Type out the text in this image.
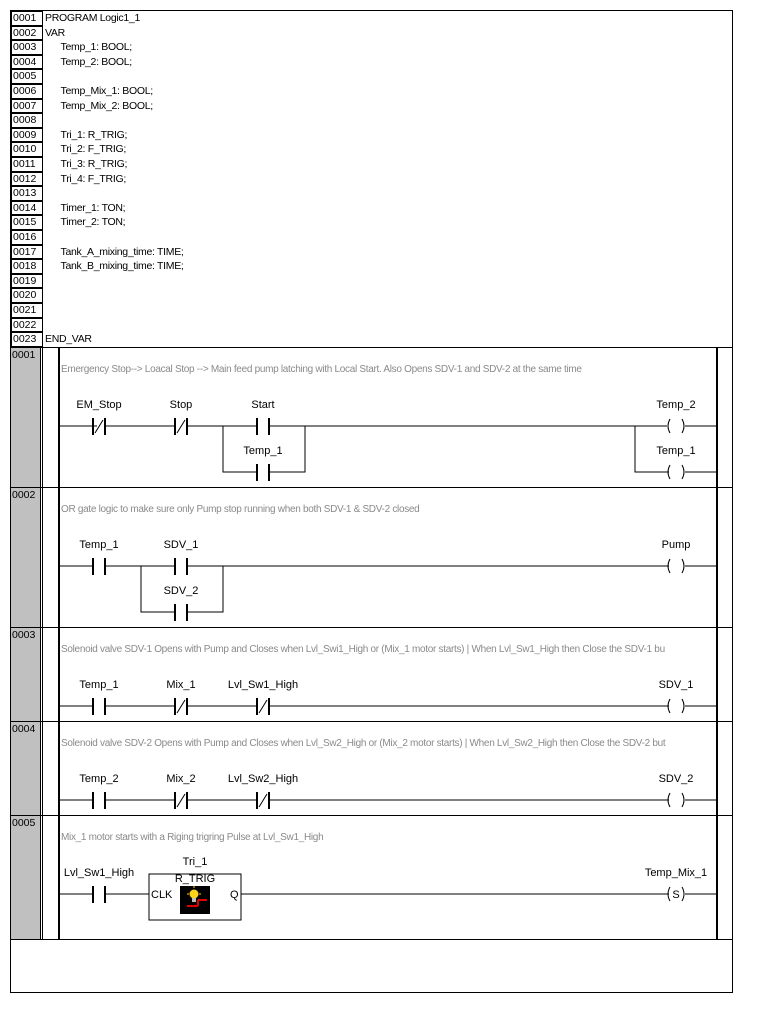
0001 PROGRAM Logic1_1
0002 VAR
0003 Temp_1: BOOL;
0004 Temp_2: BOOL;
0005
0006 Temp_Mix_1: BOOL;
0007 Temp_Mix_2: BOOL;
0008
0009 Tri_1: R_TRIG;
0010 Tri_2: F_TRIG;
0011 Tri_3: R_TRIG;
0012 Tri_4: F_TRIG;
0013
0014 Timer_1: TON;
0015 Timer_2: TON;
0016
0017 Tank_A_mixing_time: TIME;
0018 Tank_B_mixing_time: TIME;
0019
0020
0021
0022
0023 END_VAR
0001
Emergency Stop--> Loacal Stop --> Main feed pump latching with Local Start. Also Opens SDV-1 and SDV-2 at the same time
EM_Stop	Stop	Start
Temp_1
Temp_2
Temp_1
0002
OR gate logic to make sure only Pump stop running when both SDV-1 & SDV-2 closed
Temp_1	SDV_1
SDV_2
Pump
0003
Solenoid valve SDV-1 Opens with Pump and Closes when Lvl_Swi1_High or (Mix_1 motor starts) | When Lvl_Sw1_High then Close the SDV-1 bu
Temp_1	Mix_1	Lvl_Sw1_High	SDV_1
0004
Solenoid valve SDV-2 Opens with Pump and Closes when Lvl_Sw2_High or (Mix_2 motor starts) | When Lvl_Sw2_High then Close the SDV-2 but
Temp_2	Mix_2	Lvl_Sw2_High	SDV_2
0005
Mix_1 motor starts with a Riging trigring Pulse at Lvl_Sw1_High
Lvl_Sw1_High
Tri_1
R_TRIG
CLK	Q	S
Temp_Mix_1
